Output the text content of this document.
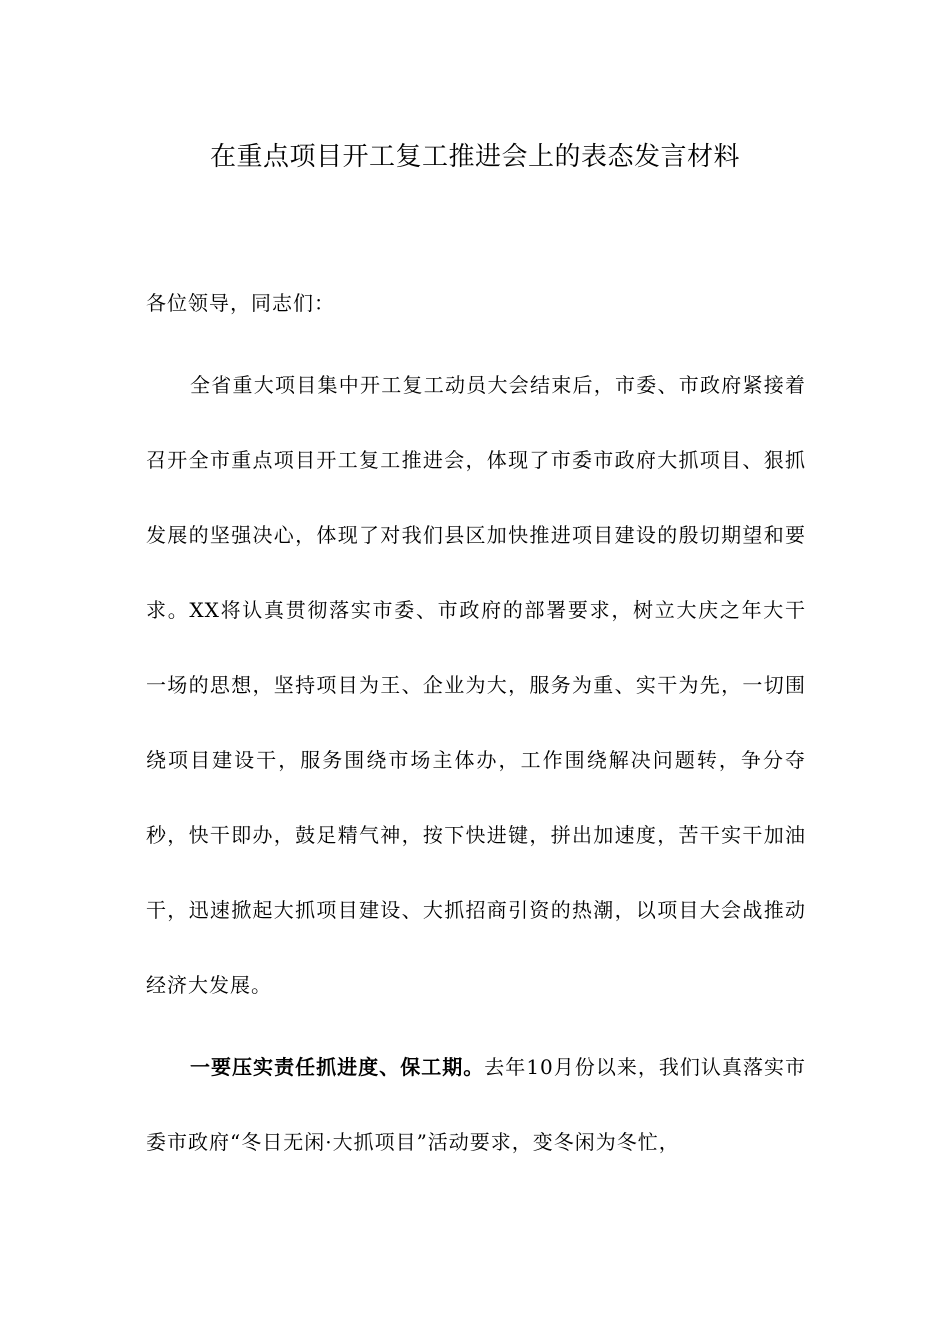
在重点项目开工复工推进会上的表态发言材料

各位领导，同志们：

全省重大项目集中开工复工动员大会结束后，市委、市政府紧接着召开全市重点项目开工复工推进会，体现了市委市政府大抓项目、狠抓发展的坚强决心，体现了对我们县区加快推进项目建设的殷切期望和要求。XX将认真贯彻落实市委、市政府的部署要求，树立大庆之年大干一场的思想，坚持项目为王、企业为大，服务为重、实干为先，一切围绕项目建设干，服务围绕市场主体办，工作围绕解决问题转，争分夺秒，快干即办，鼓足精气神，按下快进键，拼出加速度，苦干实干加油干，迅速掀起大抓项目建设、大抓招商引资的热潮，以项目大会战推动经济大发展。

一要压实责任抓进度、保工期。去年10月份以来，我们认真落实市委市政府“冬日无闲·大抓项目”活动要求，变冬闲为冬忙，
